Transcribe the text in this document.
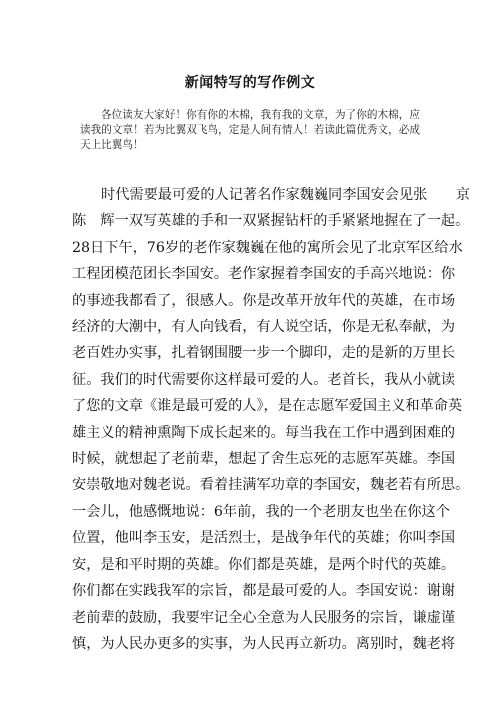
新闻特写的写作例文

各位读友大家好！你有你的木棉，我有我的文章，为了你的木棉，应读我的文章！若为比翼双飞鸟，定是人间有情人！若读此篇优秀文，必成天上比翼鸟！

时代需要最可爱的人记著名作家魏巍同李国安会见张　　京
陈　辉一双写英雄的手和一双紧握钻杆的手紧紧地握在了一起。
28日下午，76岁的老作家魏巍在他的寓所会见了北京军区给水
工程团模范团长李国安。老作家握着李国安的手高兴地说：你
的事迹我都看了，很感人。你是改革开放年代的英雄，在市场
经济的大潮中，有人向钱看，有人说空话，你是无私奉献，为
老百姓办实事，扎着钢围腰一步一个脚印，走的是新的万里长
征。我们的时代需要你这样最可爱的人。老首长，我从小就读
了您的文章《谁是最可爱的人》，是在志愿军爱国主义和革命英
雄主义的精神熏陶下成长起来的。每当我在工作中遇到困难的
时候，就想起了老前辈，想起了舍生忘死的志愿军英雄。李国
安崇敬地对魏老说。看着挂满军功章的李国安，魏老若有所思。
一会儿，他感慨地说：6年前，我的一个老朋友也坐在你这个
位置，他叫李玉安，是活烈士，是战争年代的英雄；你叫李国
安，是和平时期的英雄。你们都是英雄，是两个时代的英雄。
你们都在实践我军的宗旨，都是最可爱的人。李国安说：谢谢
老前辈的鼓励，我要牢记全心全意为人民服务的宗旨，谦虚谨
慎，为人民办更多的实事，为人民再立新功。离别时，魏老将
